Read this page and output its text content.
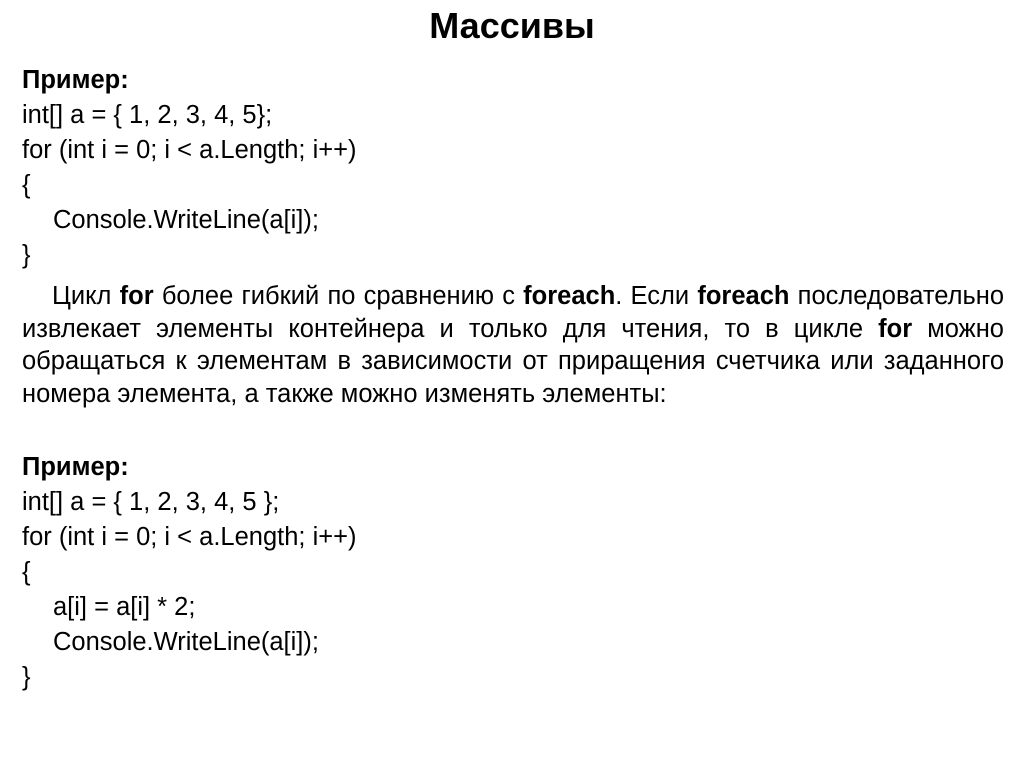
Массивы
Пример:
int[] a = { 1, 2, 3, 4, 5};
for (int i = 0; i < a.Length; i++)
{
Console.WriteLine(a[i]);
}
Цикл for более гибкий по сравнению с foreach. Если foreach последовательно извлекает элементы контейнера и только для чтения, то в цикле for можно обращаться к элементам в зависимости от приращения счетчика или заданного номера элемента, а также можно изменять элементы:
Пример:
int[] a = { 1, 2, 3, 4, 5 };
for (int i = 0; i < a.Length; i++)
{
a[i] = a[i] * 2;
Console.WriteLine(a[i]);
}
